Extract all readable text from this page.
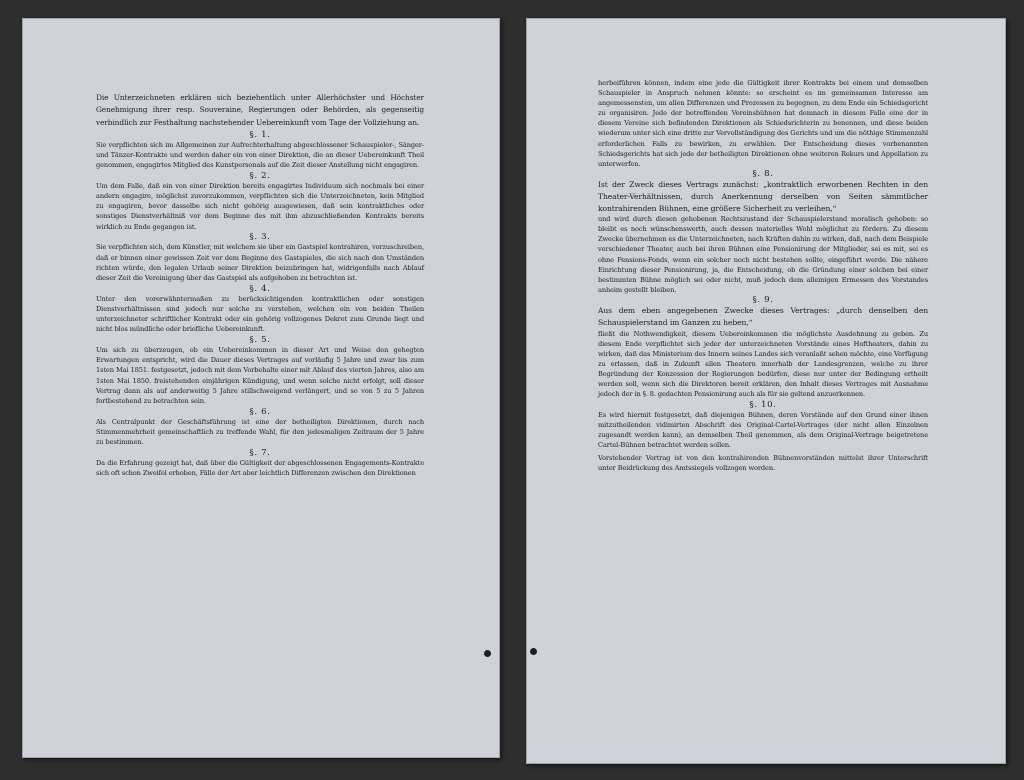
Die Unterzeichneten erklären sich beziehentlich unter Allerhöchster und Höchster Genehmigung ihrer resp. Souveraine, Regierungen oder Behörden, als gegenseitig verbindlich zur Festhaltung nachstehender Uebereinkunft vom Tage der Vollziehung an.

§. 1.

Sie verpflichten sich im Allgemeinen zur Aufrechterhaltung abgeschlossener Schauspieler-, Sänger- und Tänzer-Kontrakte und werden daher ein von einer Direktion, die an dieser Uebereinkunft Theil genommen, engagirtes Mitglied des Kunstpersonals auf die Zeit dieser Anstellung nicht engagiren.

§. 2.

Um dem Falle, daß ein von einer Direktion bereits engagirtes Individuum sich nochmals bei einer andern engagire, möglichst zuvorzukommen, verpflichten sich die Unterzeichneten, kein Mitglied zu engagiren, bevor dasselbe sich nicht gehörig ausgewiesen, daß sein kontraktliches oder sonstiges Dienstverhältniß vor dem Beginne des mit ihm abzuschließenden Kontrakts bereits wirklich zu Ende gegangen ist.

§. 3.

Sie verpflichten sich, dem Künstler, mit welchem sie über ein Gastspiel kontrahiren, vorzuschreiben, daß er binnen einer gewissen Zeit vor dem Beginne des Gastspieles, die sich nach den Umständen richten würde, den legalen Urlaub seiner Direktion beizubringen hat, widrigenfalls nach Ablauf dieser Zeit die Vereinigung über das Gastspiel als aufgehoben zu betrachten ist.

§. 4.

Unter den vorerwähntermaßen zu berücksichtigenden kontraktlichen oder sonstigen Dienstverhältnissen sind jedoch nur solche zu verstehen, welchen ein von beiden Theilen unterzeichneter schriftlicher Kontrakt oder ein gehörig vollzogenes Dekret zum Grunde liegt und nicht blos mündliche oder briefliche Uebereinkunft.

§. 5.

Um sich zu überzeugen, ob ein Uebereinkommen in dieser Art und Weise den gehegten Erwartungen entspricht, wird die Dauer dieses Vertrages auf vorläufig 5 Jahre und zwar bis zum 1sten Mai 1851. festgesetzt, jedoch mit dem Vorbehalte einer mit Ablauf des vierten Jahres, also am 1sten Mai 1850. freistehenden einjährigen Kündigung, und wenn solche nicht erfolgt, soll dieser Vertrag dann als auf anderweitig 5 Jahre stillschweigend verlängert, und so von 5 zu 5 Jahren fortbestehend zu betrachten sein.

§. 6.

Als Centralpunkt der Geschäftsführung ist eine der betheiligten Direktionen, durch nach Stimmenmehrheit gemeinschaftlich zu treffende Wahl, für den jedesmaligen Zeitraum der 5 Jahre zu bestimmen.

§. 7.

Da die Erfahrung gezeigt hat, daß über die Gültigkeit der abgeschlossenen Engagements-Kontrakte sich oft schon Zweifel erhoben, Fälle der Art aber leichtlich Differenzen zwischen den Direktionen

herbeiführen können, indem eine jede die Gültigkeit ihrer Kontrakts bei einem und demselben Schauspieler in Anspruch nehmen könnte: so erscheint es im gemeinsamen Interesse am angemessensten, um allen Differenzen und Prozessen zu begegnen, zu dem Ende ein Schiedsgericht zu organisiren. Jede der betreffenden Vereinsbühnen hat demnach in diesem Falle eine der in diesem Vereine sich befindenden Direktionen als Schiedsrichterin zu benennen, und diese beiden wiederum unter sich eine dritte zur Vervollständigung des Gerichts und um die nöthige Stimmenzahl erforderlichen Falls zu bewirken, zu erwählen. Der Entscheidung dieses vorbenannten Schiedsgerichts hat sich jede der betheiligten Direktionen ohne weiteren Rekurs und Appellation zu unterwerfen.

§. 8.

Ist der Zweck dieses Vertrags zunächst: „kontraktlich erworbenen Rechten in den Theater-Verhältnissen, durch Anerkennung derselben von Seiten sämmtlicher kontrahirenden Bühnen, eine größere Sicherheit zu verleihen,“

und wird durch diesen gehobenen Rechtszustand der Schauspielerstand moralisch gehoben: so bleibt es noch wünschenswerth, auch dessen materielles Wohl möglichst zu fördern. Zu diesem Zwecke übernehmen es die Unterzeichneten, nach Kräften dahin zu wirken, daß, nach dem Beispiele verschiedener Theater, auch bei ihren Bühnen eine Pensionirung der Mitglieder, sei es mit, sei es ohne Pensions-Fonds, wenn ein solcher noch nicht bestehen sollte, eingeführt werde. Die nähere Einrichtung dieser Pensionirung, ja, die Entscheidung, ob die Gründung einer solchen bei einer bestimmten Bühne möglich sei oder nicht, muß jedoch dem alleinigen Ermessen des Vorstandes anheim gestellt bleiben.

§. 9.

Aus dem eben angegebenen Zwecke dieses Vertrages: „durch denselben den Schauspielerstand im Ganzen zu heben,“

fließt die Nothwendigkeit, diesem Uebereinkommen die möglichste Ausdehnung zu geben. Zu diesem Ende verpflichtet sich jeder der unterzeichneten Vorstände eines Hoftheaters, dahin zu wirken, daß das Ministerium des Innern seines Landes sich veranlaßt sehen möchte, eine Verfügung zu erlassen, daß in Zukunft allen Theatern innerhalb der Landesgrenzen, welche zu ihrer Begründung der Konzession der Regierungen bedürfen, diese nur unter der Bedingung ertheilt werden soll, wenn sich die Direktoren bereit erklären, den Inhalt dieses Vertrages mit Ausnahme jedoch der in §. 8. gedachten Pensionirung auch als für sie geltend anzuerkennen.

§. 10.

Es wird hiermit festgesetzt, daß diejenigen Bühnen, deren Vorstände auf den Grund einer ihnen mitzutheilenden vidimirten Abschrift des Original-Cartel-Vertrages (der nicht allen Einzelnen zugesandt werden kann), an demselben Theil genommen, als dem Original-Vertrage beigetretene Cartel-Bühnen betrachtet werden sollen.

Vorstehender Vertrag ist von den kontrahirenden Bühnenvorständen mittelst ihrer Unterschrift unter Beidrückung des Amtssiegels vollzogen worden.
